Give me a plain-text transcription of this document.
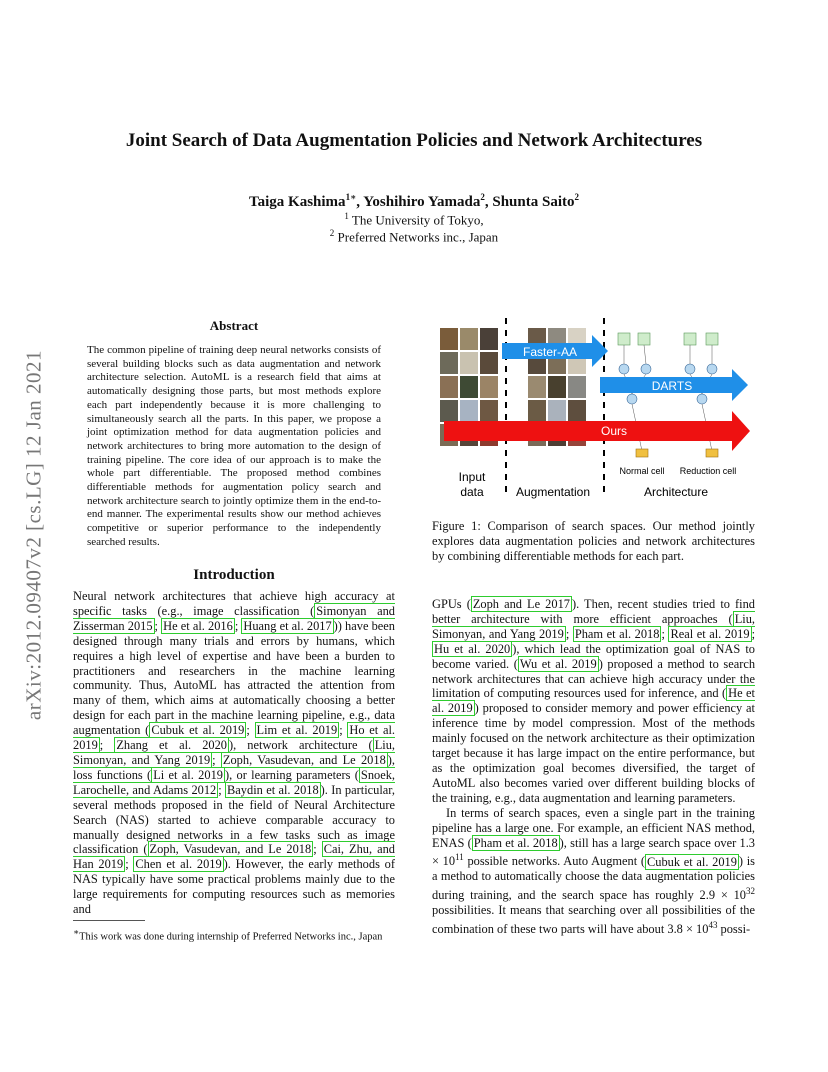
arXiv:2012.09407v2 [cs.LG] 12 Jan 2021
Joint Search of Data Augmentation Policies and Network Architectures
Taiga Kashima$^{1∗}$, Yoshihiro Yamada$^2$, Shunta Saito$^2$
$^1$ The University of Tokyo,
$^2$ Preferred Networks inc., Japan
Abstract
The common pipeline of training deep neural networks consists of several building blocks such as data augmentation and network architecture selection. AutoML is a research field that aims at automatically designing those parts, but most methods explore each part independently because it is more challenging to simultaneously search all the parts. In this paper, we propose a joint optimization method for data augmentation policies and network architectures to bring more automation to the design of training pipeline. The core idea of our approach is to make the whole part differentiable. The proposed method combines differentiable methods for augmentation policy search and network architecture search to jointly optimize them in the end-to-end manner. The experimental results show our method achieves competitive or superior performance to the independently searched results.
Introduction
Neural network architectures that achieve high accuracy at specific tasks (e.g., image classification ( Simonyan and Zisserman 2015 ; He et al. 2016 ; Huang et al. 2017 )) have been designed through many trials and errors by humans, which requires a high level of expertise and have been a burden to practitioners and researchers in the machine learning community. Thus, AutoML has attracted the attention from many of them, which aims at automatically choosing a better design for each part in the machine learning pipeline, e.g., data augmentation ( Cubuk et al. 2019 ; Lim et al. 2019 ; Ho et al. 2019 ; Zhang et al. 2020 ), network architecture ( Liu, Simonyan, and Yang 2019 ; Zoph, Vasudevan, and Le 2018 ), loss functions ( Li et al. 2019 ), or learning parameters ( Snoek, Larochelle, and Adams 2012 ; Baydin et al. 2018 ). In particular, several methods proposed in the field of Neural Architecture Search (NAS) started to achieve comparable accuracy to manually designed networks in a few tasks such as image classification ( Zoph, Vasudevan, and Le 2018 ; Cai, Zhu, and Han 2019 ; Chen et al. 2019 ). However, the early methods of NAS typically have some practical problems mainly due to the large requirements for computing resources such as memories and
∗This work was done during internship of Preferred Networks inc., Japan
Faster-AA
DARTS
Ours
Input
data	Augmentation	Architecture
Normal cell Reduction cell
Figure 1: Comparison of search spaces. Our method jointly explores data augmentation policies and network architectures by combining differentiable methods for each part.
GPUs ( Zoph and Le 2017 ). Then, recent studies tried to find better architecture with more efficient approaches ( Liu, Simonyan, and Yang 2019 ; Pham et al. 2018 ; Real et al. 2019 ; Hu et al. 2020 ), which lead the optimization goal of NAS to become varied. ( Wu et al. 2019 ) proposed a method to search network architectures that can achieve high accuracy under the limitation of computing resources used for inference, and ( He et al. 2019 ) proposed to consider memory and power efficiency at inference time by model compression. Most of the methods mainly focused on the network architecture as their optimization target because it has large impact on the entire performance, but as the optimization goal becomes diversified, the target of AutoML also becomes varied over different building blocks of the training, e.g., data augmentation and learning parameters.
In terms of search spaces, even a single part in the training pipeline has a large one. For example, an efficient NAS method, ENAS ( Pham et al. 2018 ), still has a large search space over $1.3 \times 10^{11}$ possible networks. Auto Augment ( Cubuk et al. 2019 ) is a method to automatically choose the data augmentation policies during training, and the search space has roughly $2.9 \times 10^{32}$ possibilities. It means that searching over all possibilities of the combination of these two parts will have about $3.8 \times 10^{43}$ possi-
